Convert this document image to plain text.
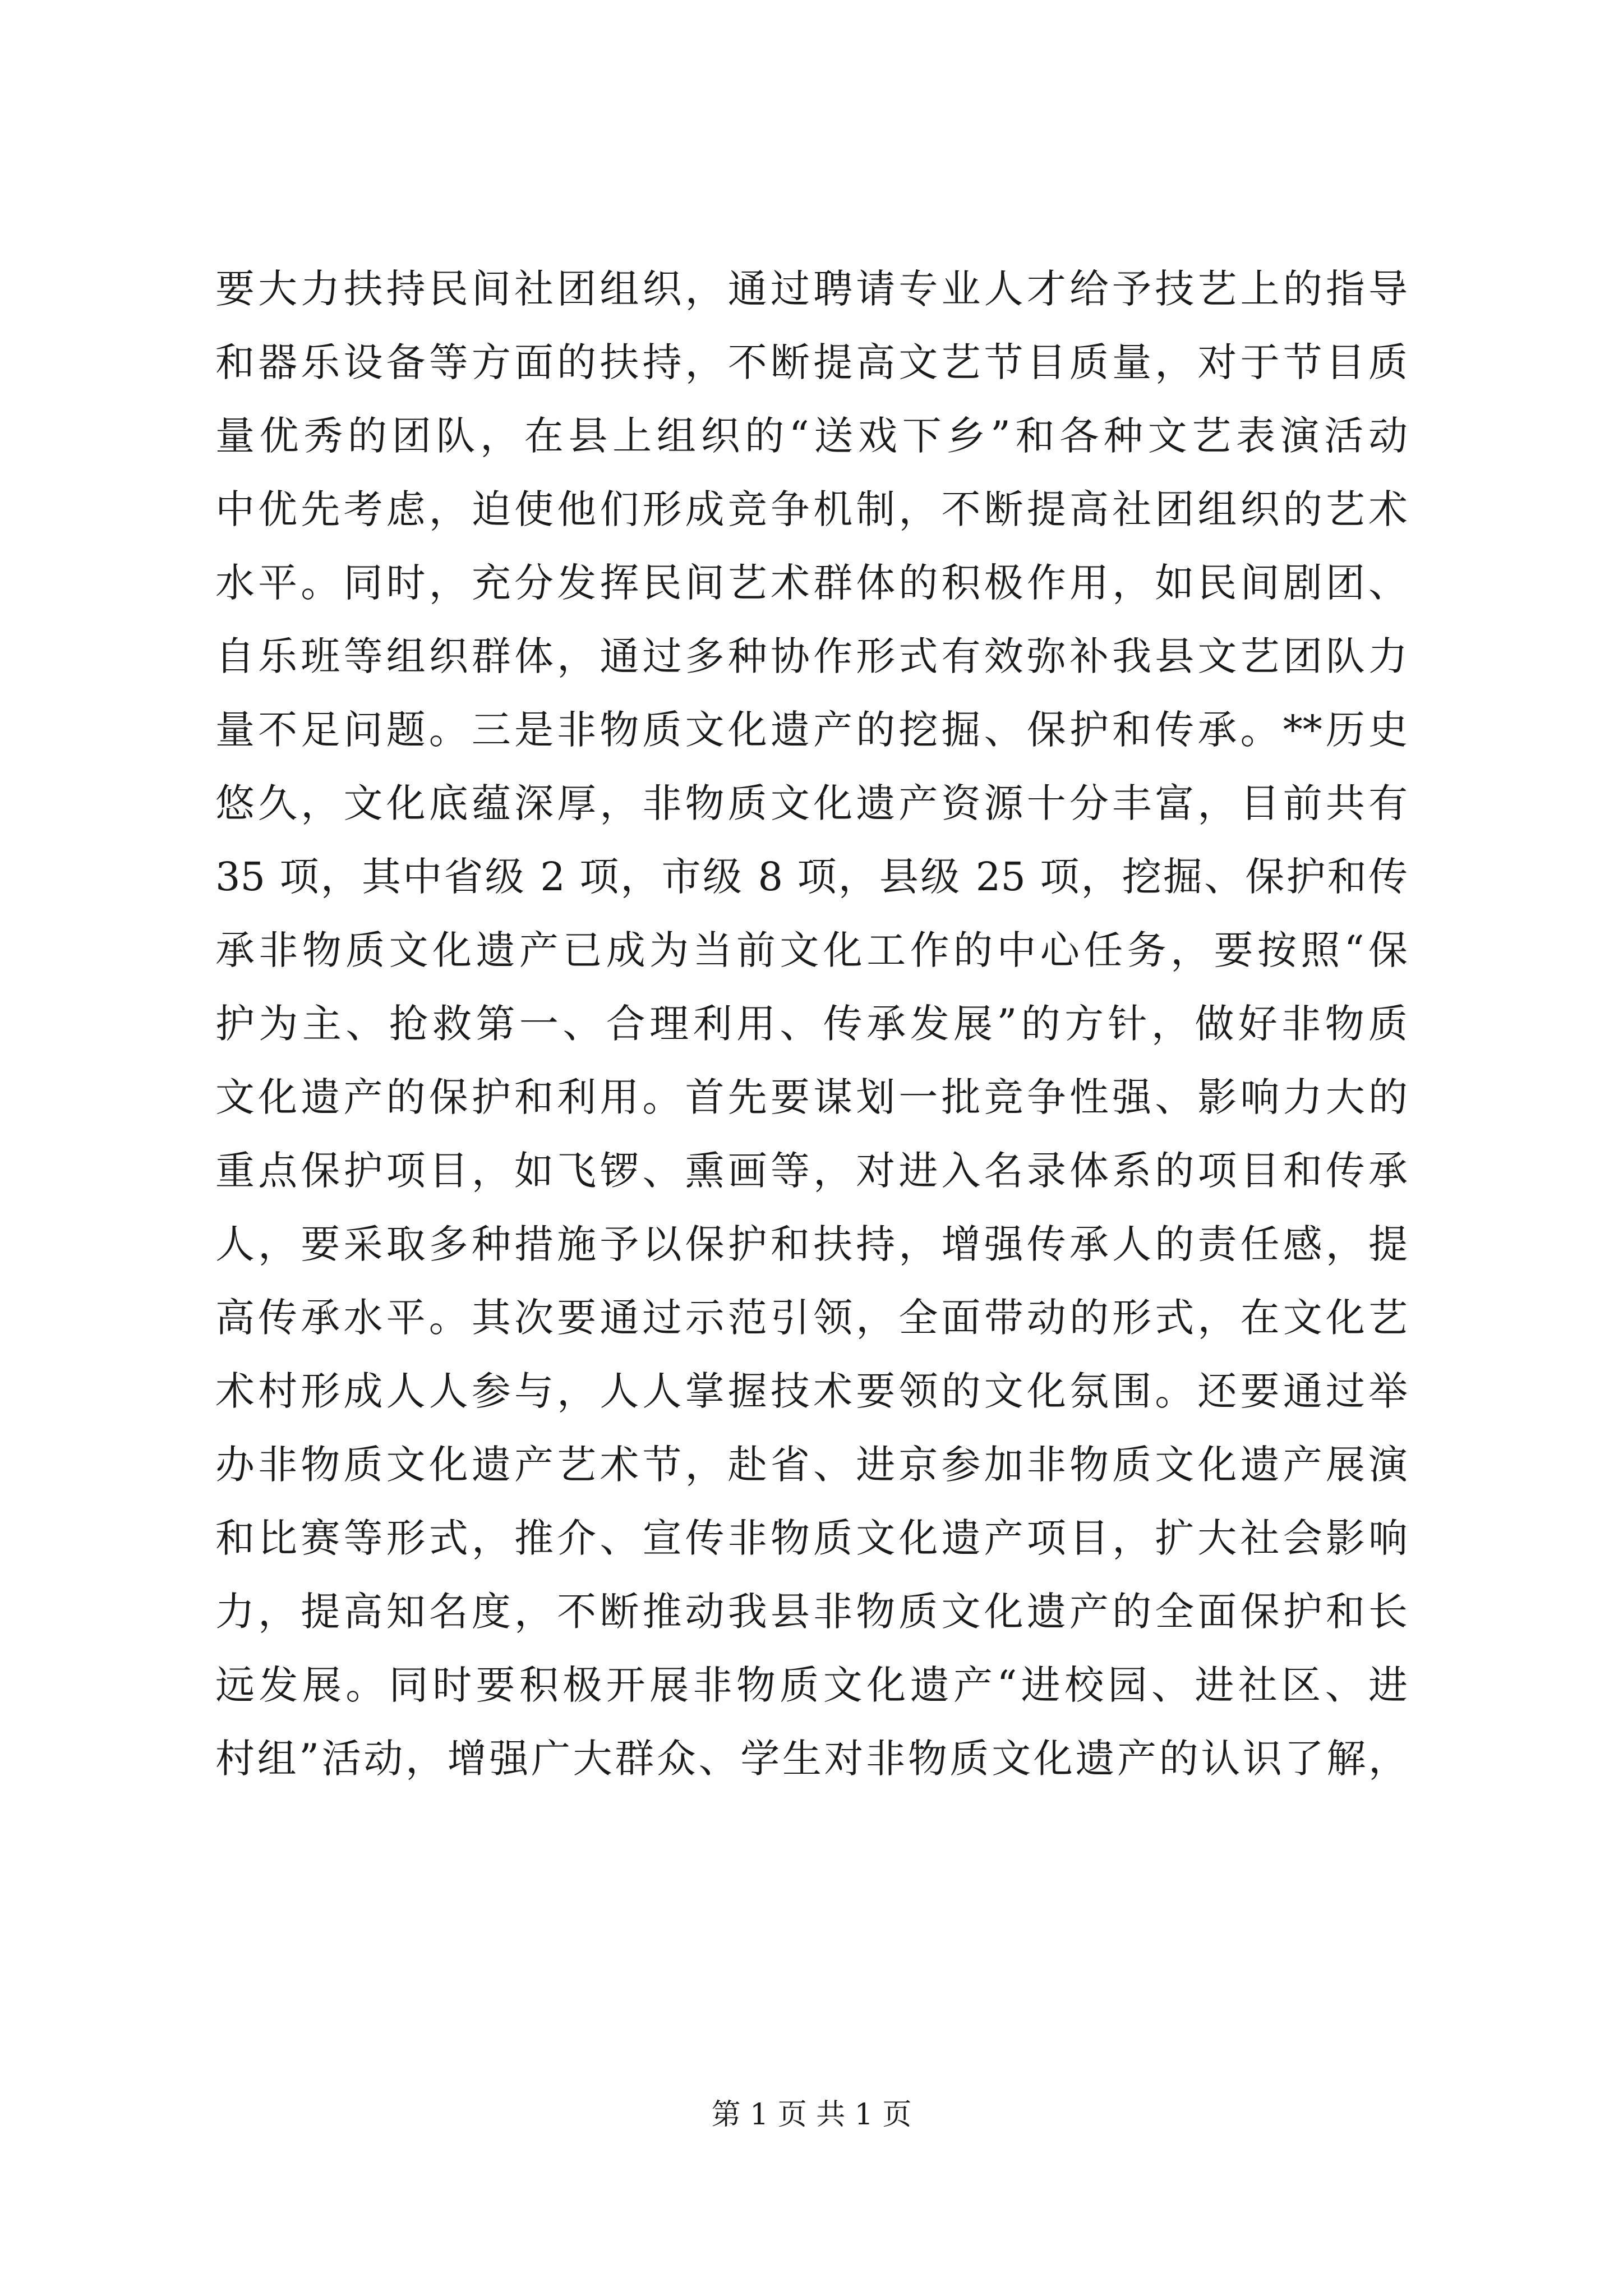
要大力扶持民间社团组织，通过聘请专业人才给予技艺上的指导
和器乐设备等方面的扶持，不断提高文艺节目质量，对于节目质
量优秀的团队，在县上组织的“送戏下乡”和各种文艺表演活动
中优先考虑，迫使他们形成竞争机制，不断提高社团组织的艺术
水平。同时，充分发挥民间艺术群体的积极作用，如民间剧团、
自乐班等组织群体，通过多种协作形式有效弥补我县文艺团队力
量不足问题。三是非物质文化遗产的挖掘、保护和传承。**历史
悠久，文化底蕴深厚，非物质文化遗产资源十分丰富，目前共有
35 项，其中省级 2 项，市级 8 项，县级 25 项，挖掘、保护和传
承非物质文化遗产已成为当前文化工作的中心任务，要按照“保
护为主、抢救第一、合理利用、传承发展”的方针，做好非物质
文化遗产的保护和利用。首先要谋划一批竞争性强、影响力大的
重点保护项目，如飞锣、熏画等，对进入名录体系的项目和传承
人，要采取多种措施予以保护和扶持，增强传承人的责任感，提
高传承水平。其次要通过示范引领，全面带动的形式，在文化艺
术村形成人人参与，人人掌握技术要领的文化氛围。还要通过举
办非物质文化遗产艺术节，赴省、进京参加非物质文化遗产展演
和比赛等形式，推介、宣传非物质文化遗产项目，扩大社会影响
力，提高知名度，不断推动我县非物质文化遗产的全面保护和长
远发展。同时要积极开展非物质文化遗产“进校园、进社区、进
村组”活动，增强广大群众、学生对非物质文化遗产的认识了解，
第 1 页 共 1 页
